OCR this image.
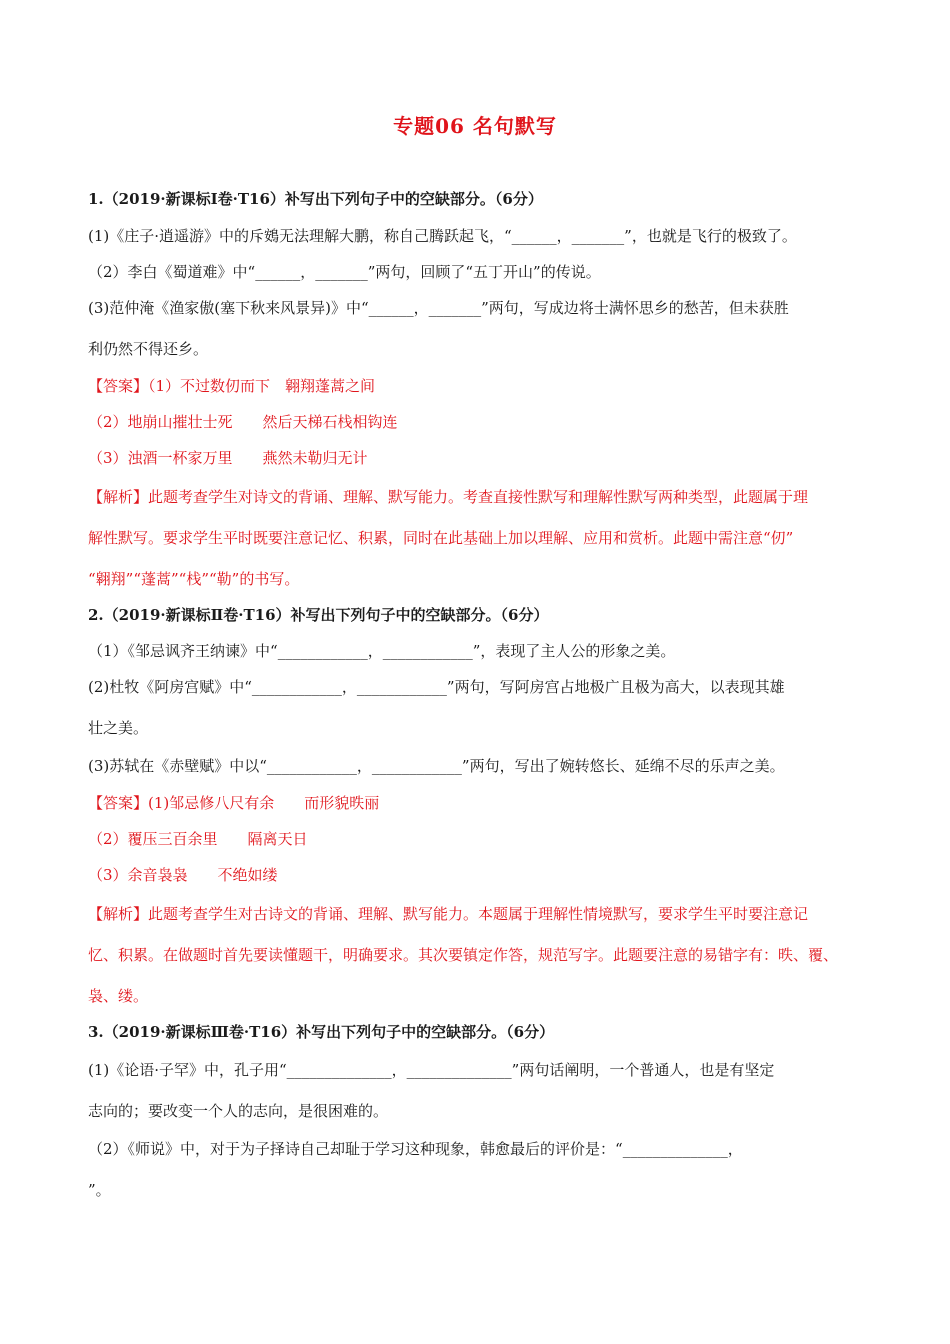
专题06 名句默写
1.（2019·新课标Ⅰ卷·T16）补写出下列句子中的空缺部分。（6分）
(1)《庄子·逍遥游》中的斥鴳无法理解大鹏，称自己腾跃起飞，“______，_______”，也就是飞行的极致了。
（2）李白《蜀道难》中“______，_______”两句，回顾了“五丁开山”的传说。
(3)范仲淹《渔家傲(塞下秋来风景异)》中“______，_______”两句，写成边将士满怀思乡的愁苦，但未获胜
利仍然不得还乡。
【答案】（1）不过数仞而下　翱翔蓬蒿之间
（2）地崩山摧壮士死　　然后天梯石栈相钩连
（3）浊酒一杯家万里　　燕然未勒归无计
【解析】此题考查学生对诗文的背诵、理解、默写能力。考查直接性默写和理解性默写两种类型，此题属于理
解性默写。要求学生平时既要注意记忆、积累，同时在此基础上加以理解、应用和赏析。此题中需注意“仞”
“翱翔”“蓬蒿”“栈”“勒”的书写。
2.（2019·新课标Ⅱ卷·T16）补写出下列句子中的空缺部分。（6分）
（1）《邹忌讽齐王纳谏》中“____________，____________”，表现了主人公的形象之美。
(2)杜牧《阿房宫赋》中“____________，____________”两句，写阿房宫占地极广且极为高大，以表现其雄
壮之美。
(3)苏轼在《赤壁赋》中以“____________，____________”两句，写出了婉转悠长、延绵不尽的乐声之美。
【答案】(1)邹忌修八尺有余　　而形貌昳丽
（2）覆压三百余里　　隔离天日
（3）余音袅袅　　不绝如缕
【解析】此题考查学生对古诗文的背诵、理解、默写能力。本题属于理解性情境默写，要求学生平时要注意记
忆、积累。在做题时首先要读懂题干，明确要求。其次要镇定作答，规范写字。此题要注意的易错字有：昳、覆、
袅、缕。
3.（2019·新课标Ⅲ卷·T16）补写出下列句子中的空缺部分。（6分）
(1)《论语·子罕》中，孔子用“______________，______________”两句话阐明，一个普通人，也是有坚定
志向的；要改变一个人的志向，是很困难的。
（2）《师说》中，对于为子择诗自己却耻于学习这种现象，韩愈最后的评价是：“______________，
”。
